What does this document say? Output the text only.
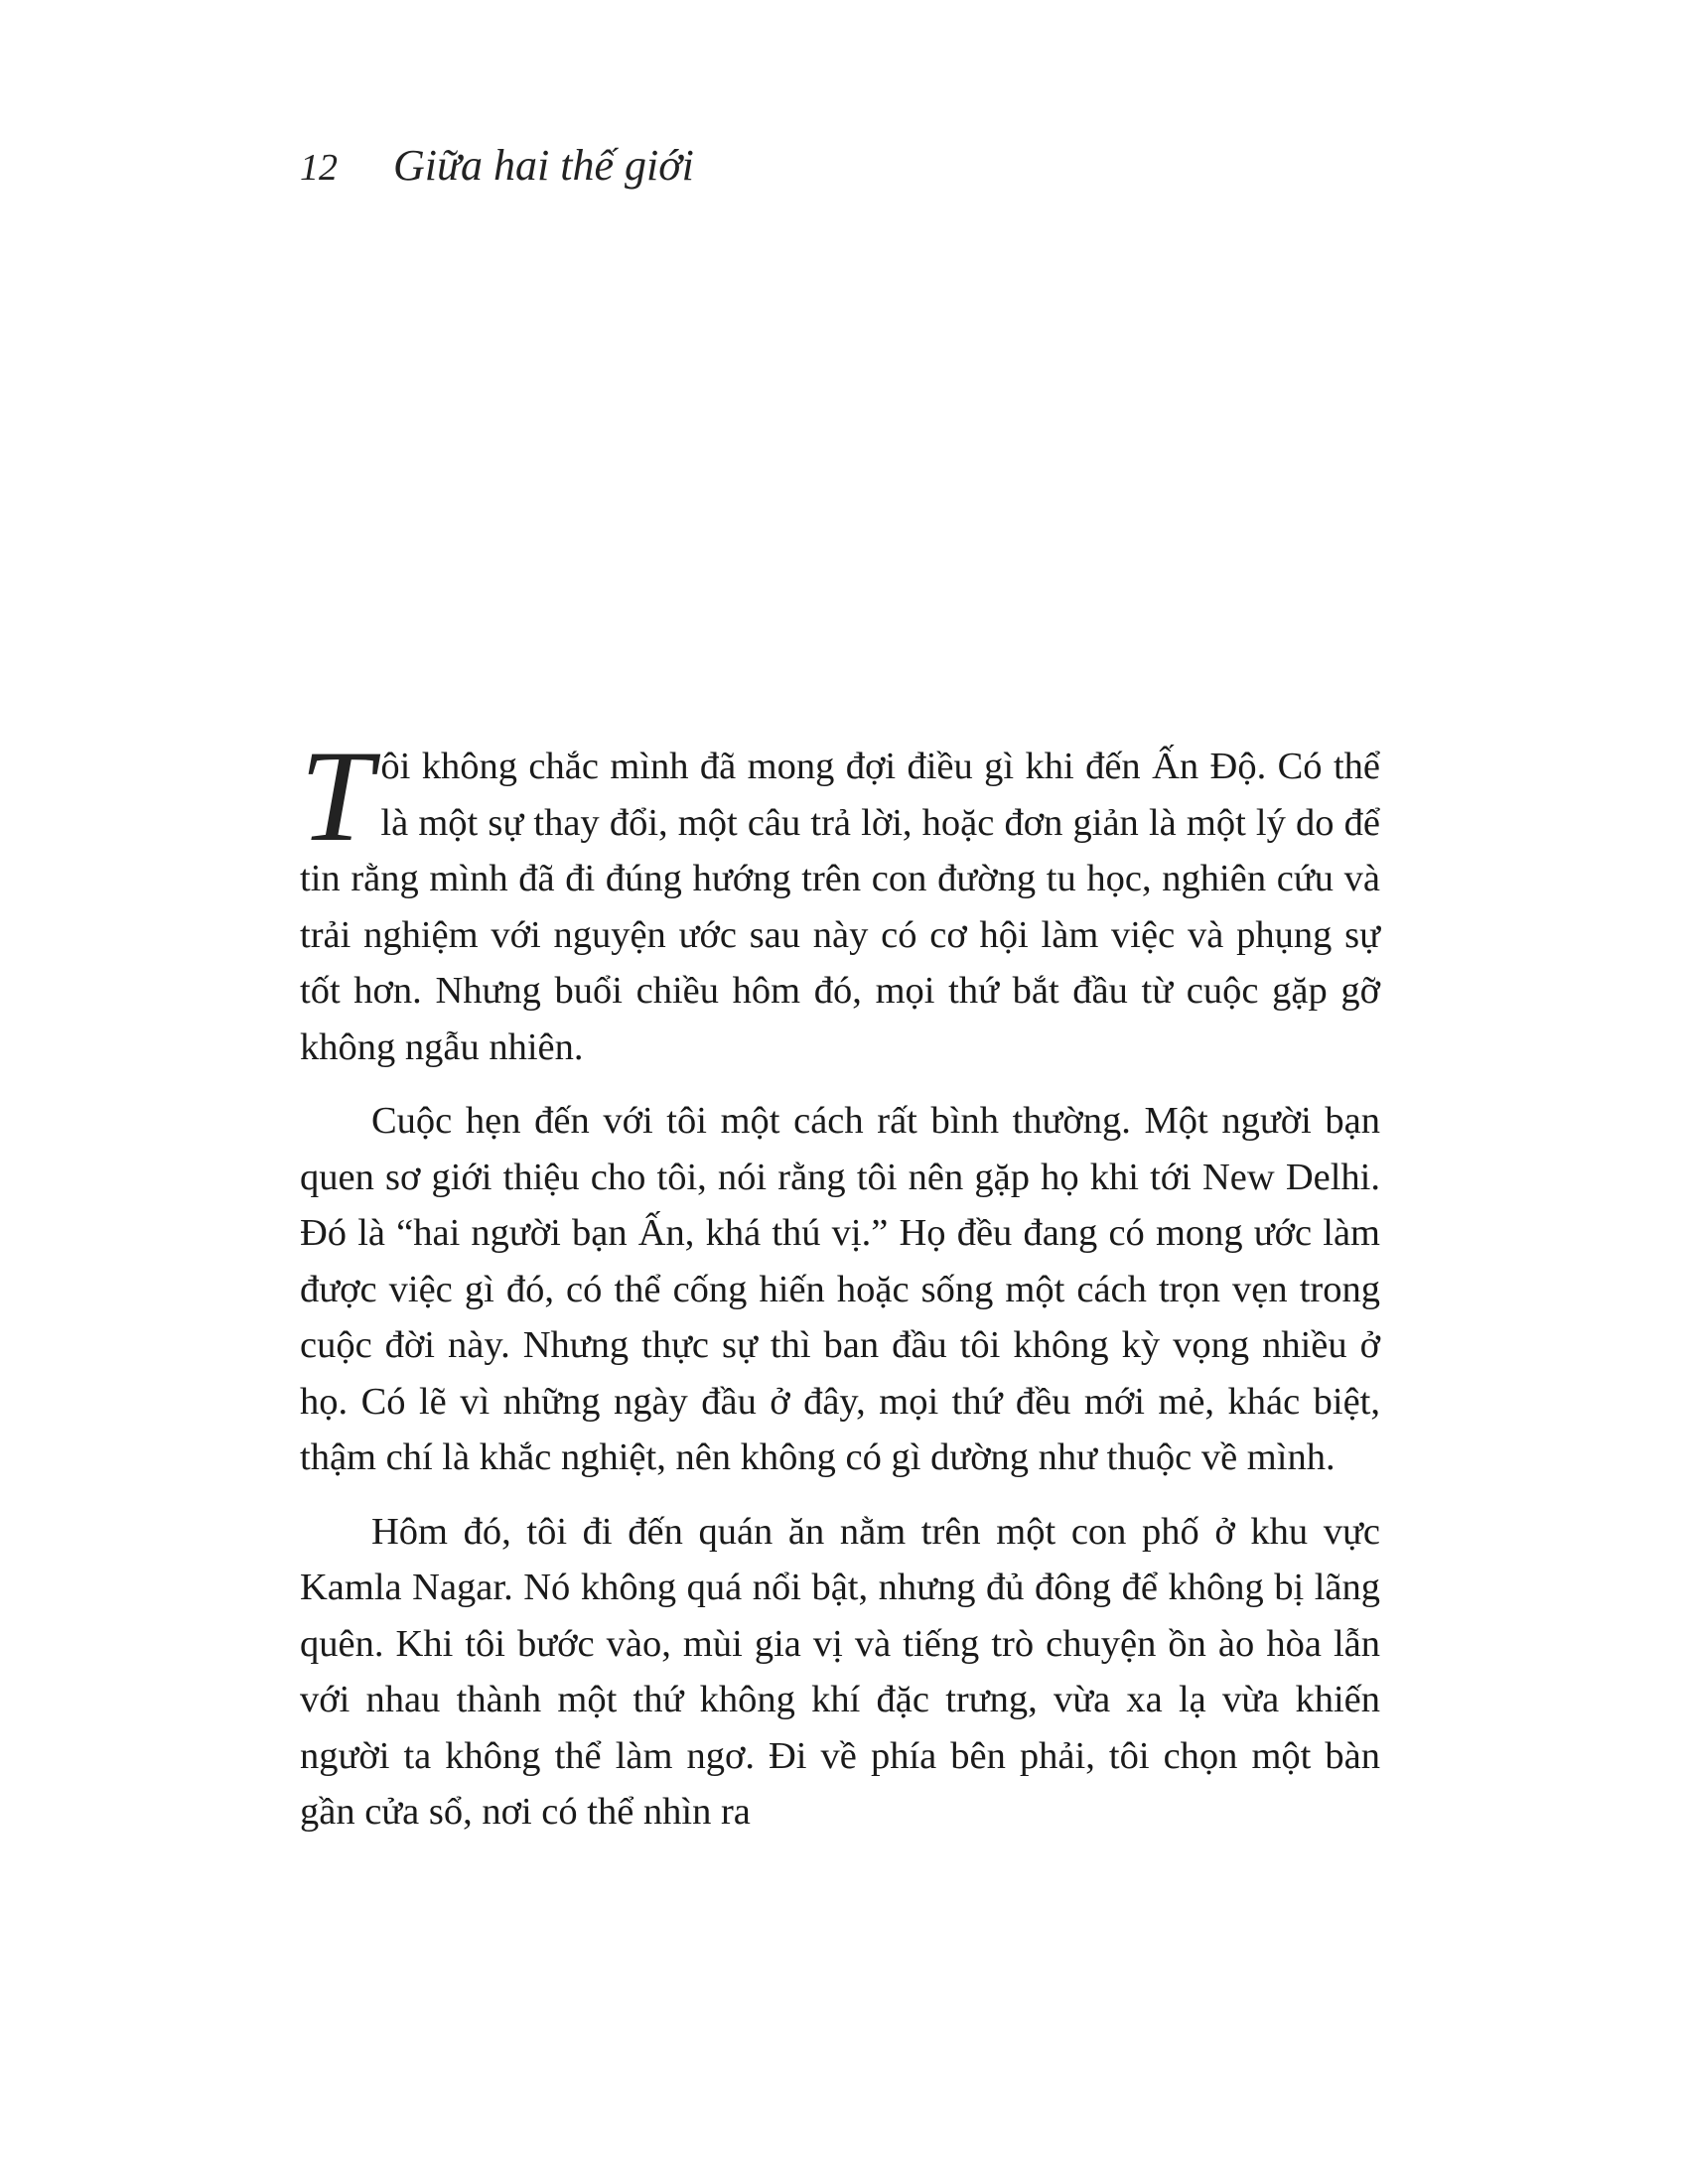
12 Giữa hai thế giới

Tôi không chắc mình đã mong đợi điều gì khi đến Ấn Độ. Có thể là một sự thay đổi, một câu trả lời, hoặc đơn giản là một lý do để tin rằng mình đã đi đúng hướng trên con đường tu học, nghiên cứu và trải nghiệm với nguyện ước sau này có cơ hội làm việc và phụng sự tốt hơn. Nhưng buổi chiều hôm đó, mọi thứ bắt đầu từ cuộc gặp gỡ không ngẫu nhiên.

Cuộc hẹn đến với tôi một cách rất bình thường. Một người bạn quen sơ giới thiệu cho tôi, nói rằng tôi nên gặp họ khi tới New Delhi. Đó là “hai người bạn Ấn, khá thú vị.” Họ đều đang có mong ước làm được việc gì đó, có thể cống hiến hoặc sống một cách trọn vẹn trong cuộc đời này. Nhưng thực sự thì ban đầu tôi không kỳ vọng nhiều ở họ. Có lẽ vì những ngày đầu ở đây, mọi thứ đều mới mẻ, khác biệt, thậm chí là khắc nghiệt, nên không có gì dường như thuộc về mình.

Hôm đó, tôi đi đến quán ăn nằm trên một con phố ở khu vực Kamla Nagar. Nó không quá nổi bật, nhưng đủ đông để không bị lãng quên. Khi tôi bước vào, mùi gia vị và tiếng trò chuyện ồn ào hòa lẫn với nhau thành một thứ không khí đặc trưng, vừa xa lạ vừa khiến người ta không thể làm ngơ. Đi về phía bên phải, tôi chọn một bàn gần cửa sổ, nơi có thể nhìn ra
